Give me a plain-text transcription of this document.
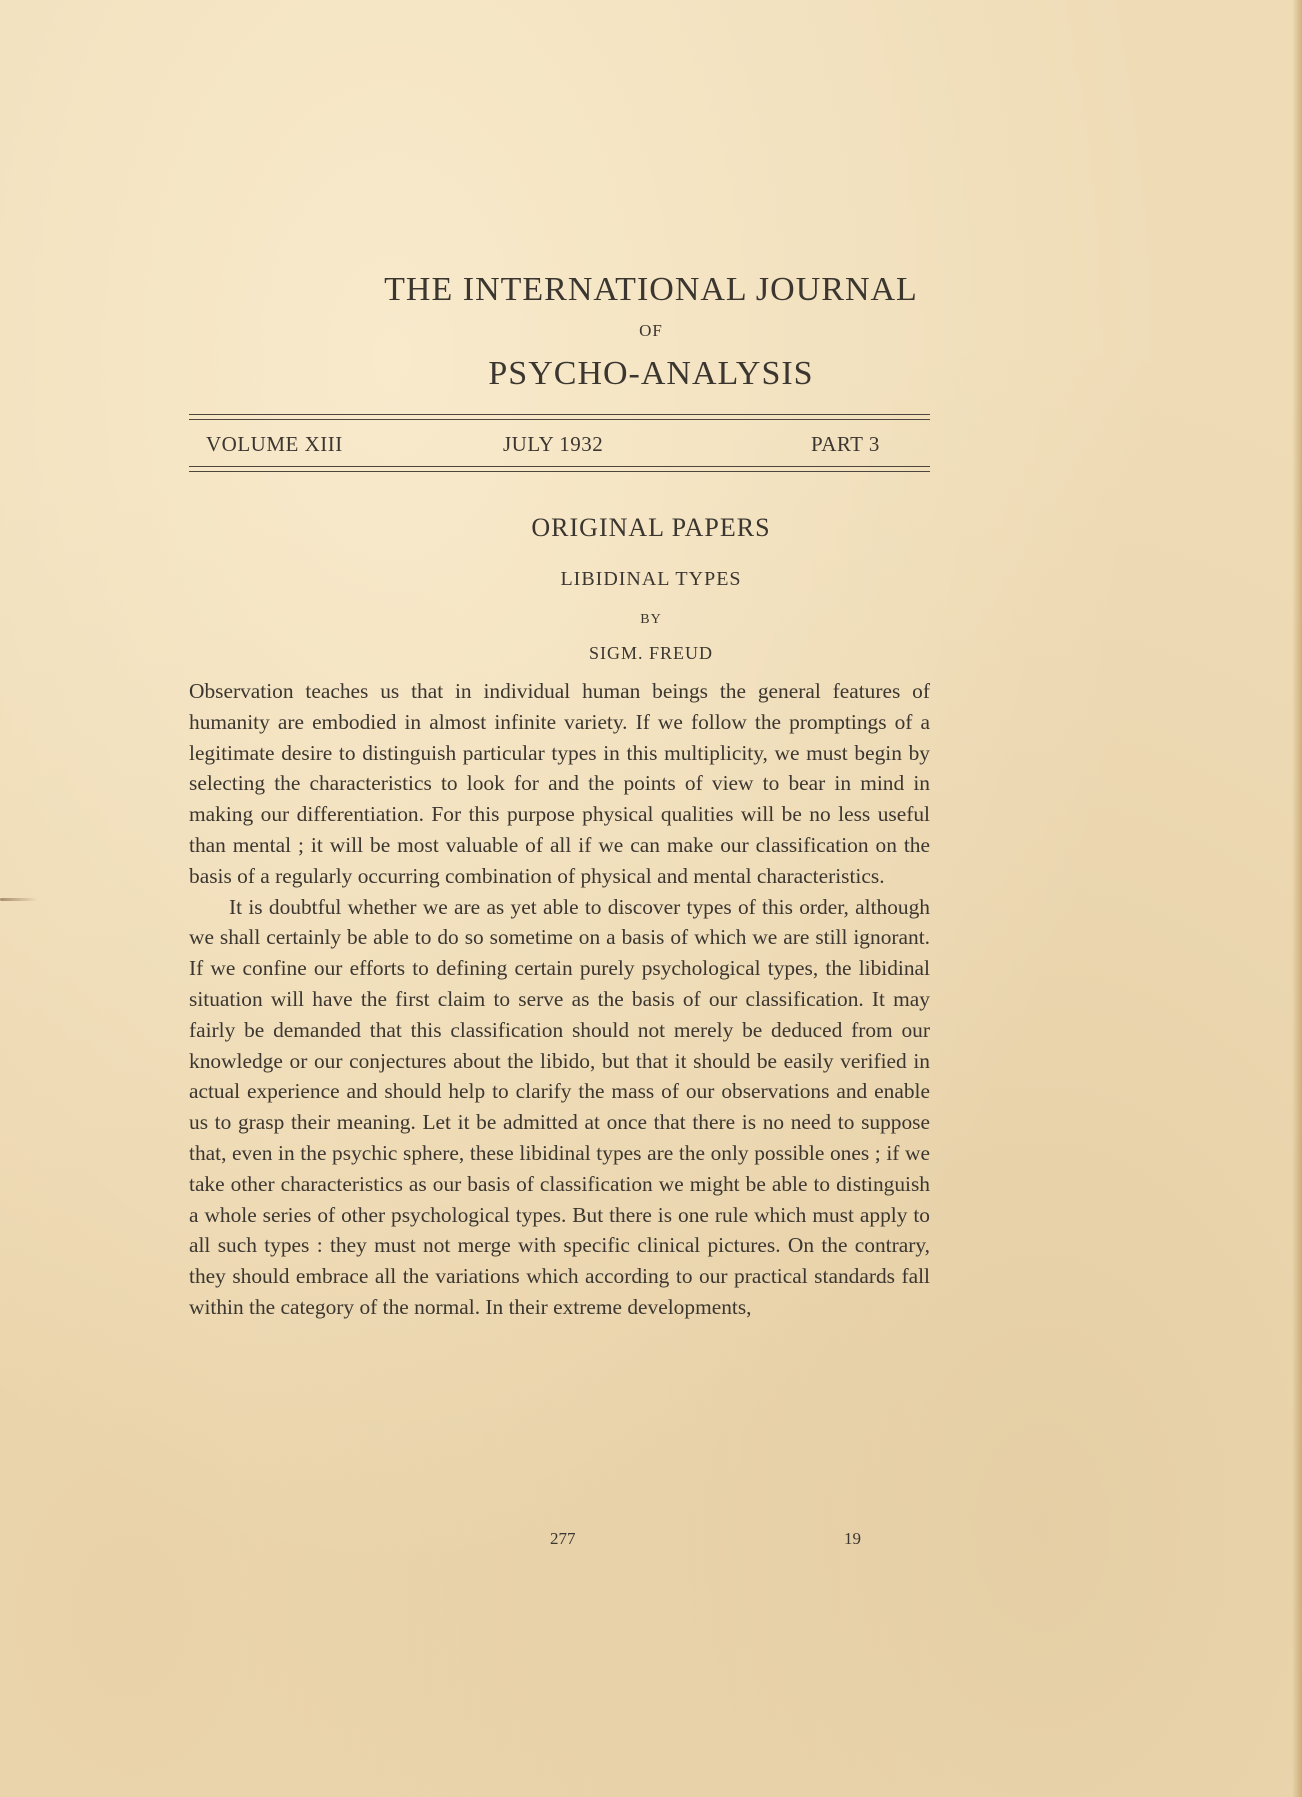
THE INTERNATIONAL JOURNAL
OF
PSYCHO-ANALYSIS
VOLUME XIII	JULY 1932	PART 3
ORIGINAL PAPERS
LIBIDINAL TYPES
BY
SIGM. FREUD

Observation teaches us that in individual human beings the general features of humanity are embodied in almost infinite variety. If we follow the promptings of a legitimate desire to distinguish particular types in this multiplicity, we must begin by selecting the characteristics to look for and the points of view to bear in mind in making our differentiation. For this purpose physical qualities will be no less useful than mental ; it will be most valuable of all if we can make our classification on the basis of a regularly occurring combination of physical and mental characteristics.

It is doubtful whether we are as yet able to discover types of this order, although we shall certainly be able to do so sometime on a basis of which we are still ignorant. If we confine our efforts to defining certain purely psychological types, the libidinal situation will have the first claim to serve as the basis of our classification. It may fairly be demanded that this classification should not merely be deduced from our knowledge or our conjectures about the libido, but that it should be easily verified in actual experience and should help to clarify the mass of our observations and enable us to grasp their meaning. Let it be admitted at once that there is no need to suppose that, even in the psychic sphere, these libidinal types are the only possible ones ; if we take other characteristics as our basis of classification we might be able to distinguish a whole series of other psychological types. But there is one rule which must apply to all such types : they must not merge with specific clinical pictures. On the contrary, they should embrace all the variations which according to our practical standards fall within the category of the normal. In their extreme developments,

277	19
